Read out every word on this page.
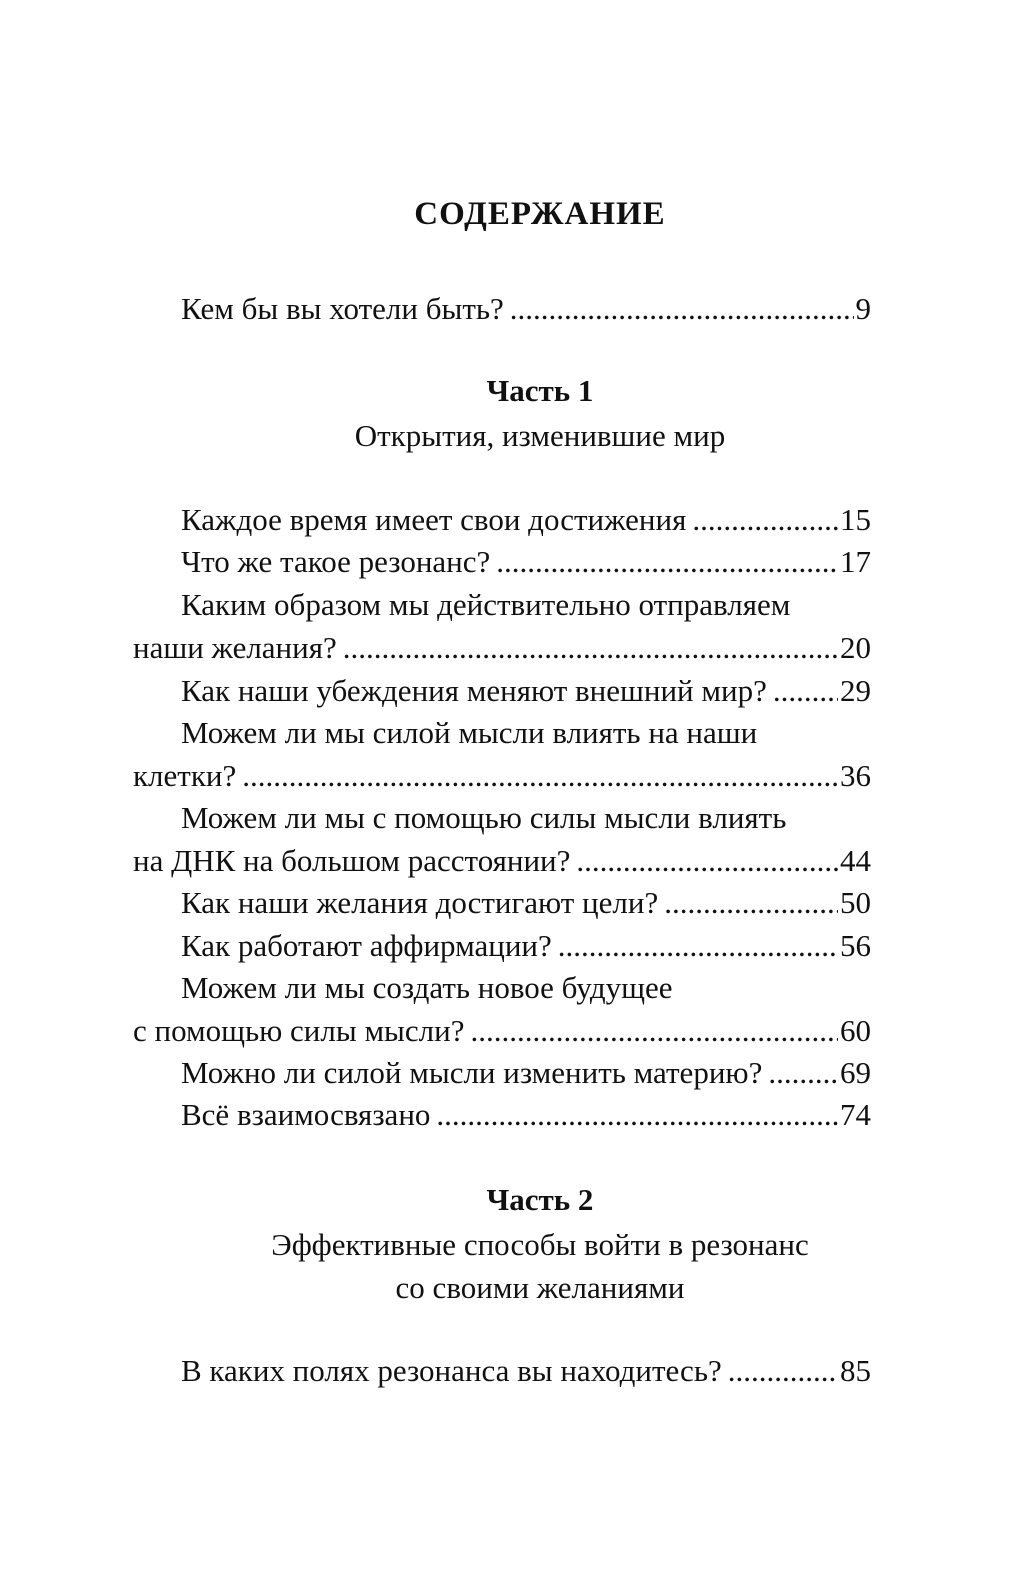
СОДЕРЖАНИЕ
Кем бы вы хотели быть? .....	9
Часть 1
Открытия, изменившие мир
Каждое время имеет свои достижения .....	15
Что же такое резонанс? .....	17
Каким образом мы действительно отправляем
наши желания? .....	20
Как наши убеждения меняют внешний мир? ..... 29
Можем ли мы силой мысли влиять на наши
клетки? .....	36
Можем ли мы с помощью силы мысли влиять
на ДНК на большом расстоянии? .....	44
Как наши желания достигают цели? .....	50
Как работают аффирмации? .....	56
Можем ли мы создать новое будущее
с помощью силы мысли? .....	60
Можно ли силой мысли изменить материю? .....	69
Всё взаимосвязано .....	74
Часть 2
Эффективные способы войти в резонанс
со своими желаниями
В каких полях резонанса вы находитесь? .....	85
